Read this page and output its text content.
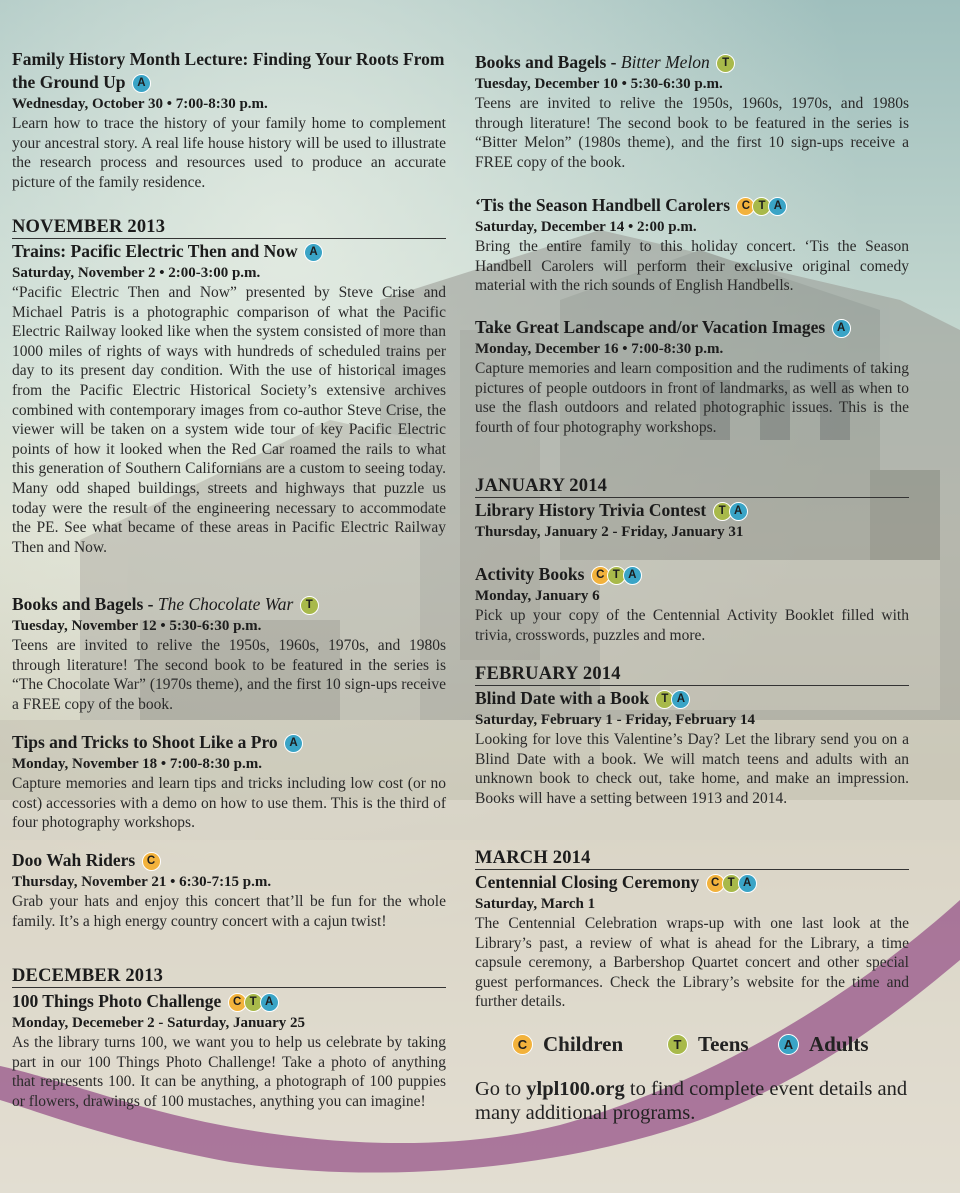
Family History Month Lecture: Finding Your Roots From the Ground Up A
Wednesday, October 30 • 7:00-8:30 p.m.
Learn how to trace the history of your family home to complement your ancestral story. A real life house history will be used to illustrate the research process and resources used to produce an accurate picture of the family residence.
NOVEMBER 2013
Trains: Pacific Electric Then and Now A
Saturday, November 2 • 2:00-3:00 p.m.
“Pacific Electric Then and Now” presented by Steve Crise and Michael Patris is a photographic comparison of what the Pacific Electric Railway looked like when the system consisted of more than 1000 miles of rights of ways with hundreds of scheduled trains per day to its present day condition. With the use of historical images from the Pacific Electric Historical Society’s extensive archives combined with contemporary images from co-author Steve Crise, the viewer will be taken on a system wide tour of key Pacific Electric points of how it looked when the Red Car roamed the rails to what this generation of Southern Californians are a custom to seeing today. Many odd shaped buildings, streets and highways that puzzle us today were the result of the engineering necessary to accommodate the PE. See what became of these areas in Pacific Electric Railway Then and Now.
Books and Bagels - The Chocolate War T
Tuesday, November 12 • 5:30-6:30 p.m.
Teens are invited to relive the 1950s, 1960s, 1970s, and 1980s through literature! The second book to be featured in the series is “The Chocolate War” (1970s theme), and the first 10 sign-ups receive a FREE copy of the book.
Tips and Tricks to Shoot Like a Pro A
Monday, November 18 • 7:00-8:30 p.m.
Capture memories and learn tips and tricks including low cost (or no cost) accessories with a demo on how to use them. This is the third of four photography workshops.
Doo Wah Riders C
Thursday, November 21 • 6:30-7:15 p.m.
Grab your hats and enjoy this concert that’ll be fun for the whole family. It’s a high energy country concert with a cajun twist!
DECEMBER 2013
100 Things Photo Challenge C T A
Monday, Decemeber 2 - Saturday, January 25
As the library turns 100, we want you to help us celebrate by taking part in our 100 Things Photo Challenge! Take a photo of anything that represents 100. It can be anything, a photograph of 100 puppies or flowers, drawings of 100 mustaches, anything you can imagine!
Books and Bagels - Bitter Melon T
Tuesday, December 10 • 5:30-6:30 p.m.
Teens are invited to relive the 1950s, 1960s, 1970s, and 1980s through literature! The second book to be featured in the series is “Bitter Melon” (1980s theme), and the first 10 sign-ups receive a FREE copy of the book.
‘Tis the Season Handbell Carolers C T A
Saturday, December 14 • 2:00 p.m.
Bring the entire family to this holiday concert. ‘Tis the Season Handbell Carolers will perform their exclusive original comedy material with the rich sounds of English Handbells.
Take Great Landscape and/or Vacation Images A
Monday, December 16 • 7:00-8:30 p.m.
Capture memories and learn composition and the rudiments of taking pictures of people outdoors in front of landmarks, as well as when to use the flash outdoors and related photographic issues. This is the fourth of four photography workshops.
JANUARY 2014
Library History Trivia Contest T A
Thursday, January 2 - Friday, January 31
Activity Books C T A
Monday, January 6
Pick up your copy of the Centennial Activity Booklet filled with trivia, crosswords, puzzles and more.
FEBRUARY 2014
Blind Date with a Book T A
Saturday, February 1 - Friday, February 14
Looking for love this Valentine’s Day? Let the library send you on a Blind Date with a book. We will match teens and adults with an unknown book to check out, take home, and make an impression. Books will have a setting between 1913 and 2014.
MARCH 2014
Centennial Closing Ceremony C T A
Saturday, March 1
The Centennial Celebration wraps-up with one last look at the Library’s past, a review of what is ahead for the Library, a time capsule ceremony, a Barbershop Quartet concert and other special guest performances. Check the Library’s website for the time and further details.
C Children	T Teens	A Adults
Go to ylpl100.org to find complete event details and many additional programs.
